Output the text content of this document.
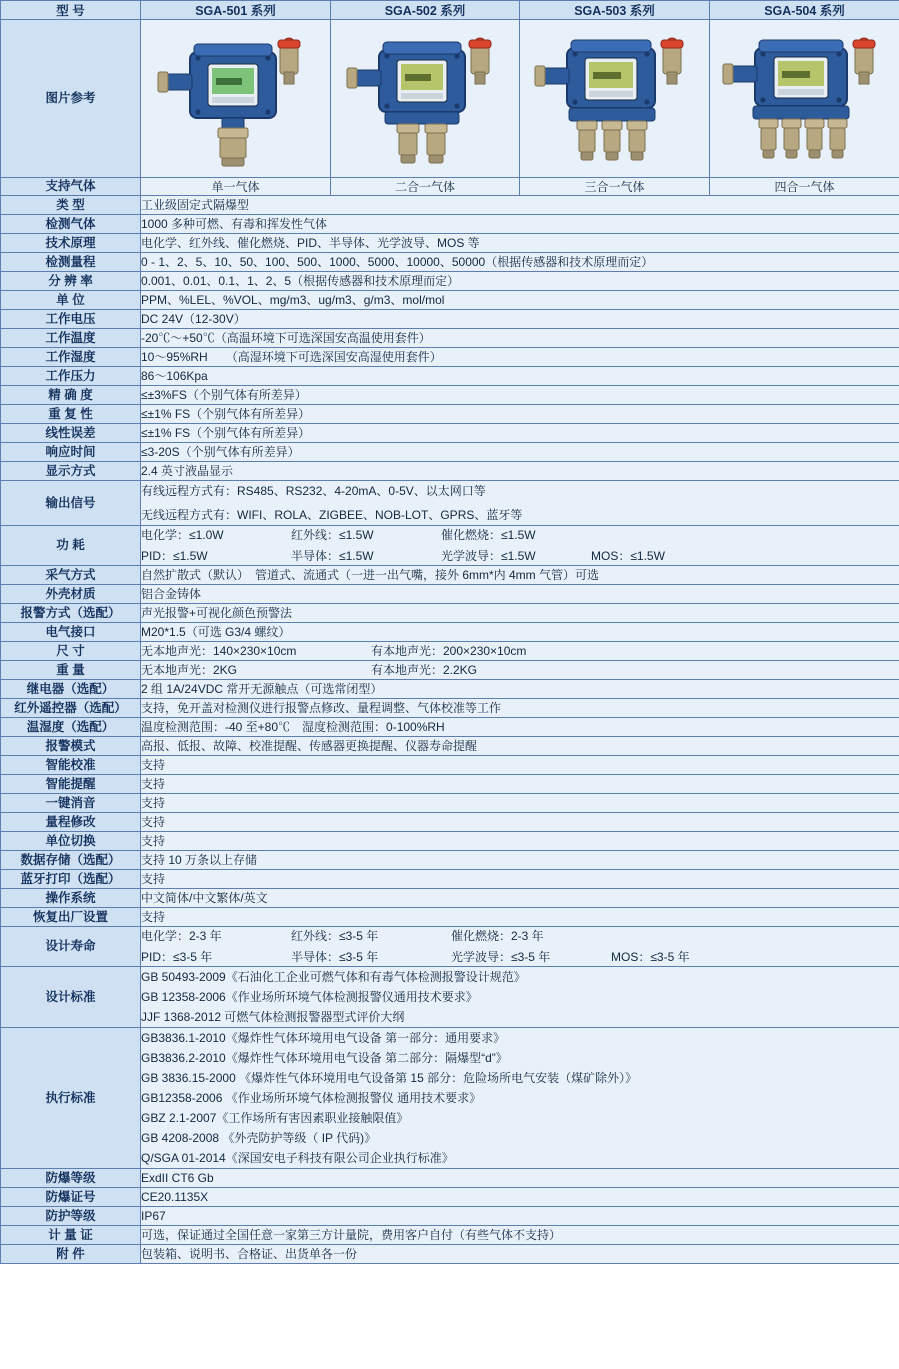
型 号	SGA-501 系列	SGA-502 系列	SGA-503 系列	SGA-504 系列
图片参考	

支持气体	单一气体	二合一气体	三合一气体	四合一气体
类 型	工业级固定式隔爆型			
检测气体	1000 多种可燃、有毒和挥发性气体			
技术原理	电化学、红外线、催化燃烧、PID、半导体、光学波导、MOS 等			
检测量程	0 - 1、2、5、10、50、100、500、1000、5000、10000、50000（根据传感器和技术原理而定）			
分 辨 率	0.001、0.01、0.1、1、2、5（根据传感器和技术原理而定）			
单 位	PPM、%LEL、%VOL、mg/m3、ug/m3、g/m3、mol/mol			
工作电压	DC 24V（12-30V）			
工作温度	-20℃～+50℃（高温环境下可选深国安高温使用套件）			
工作湿度	10～95%RH　　（高湿环境下可选深国安高湿使用套件）			
工作压力	86～106Kpa			
精 确 度	≤±3%FS（个别气体有所差异）			
重 复 性	≤±1% FS（个别气体有所差异）			
线性误差	≤±1% FS（个别气体有所差异）			
响应时间	≤3-20S（个别气体有所差异）			
显示方式	2.4 英寸液晶显示			
输出信号	有线远程方式有：RS485、RS232、4-20mA、0-5V、以太网口等
无线远程方式有：WIFI、ROLA、ZIGBEE、NOB-LOT、GPRS、蓝牙等			

功 耗	
电化学：≤1.0W	红外线：≤1.5W	催化燃烧：≤1.5W
PID：≤1.5W	半导体：≤1.5W	光学波导：≤1.5W	MOS：≤1.5W

采气方式	自然扩散式（默认）　管道式、流通式（一进一出气嘴，接外 6mm*内 4mm 气管）可选			
外壳材质	铝合金铸体			
报警方式（选配）	声光报警+可视化颜色预警法			
电气接口	M20*1.5（可选 G3/4 螺纹）			
尺 寸	无本地声光：140×230×10cm 有本地声光：200×230×10cm			

重 量	无本地声光：2KG 有本地声光：2.2KG			

继电器（选配）	2 组 1A/24VDC 常开无源触点（可选常闭型）			
红外遥控器（选配）	支持，免开盖对检测仪进行报警点修改、量程调整、气体校准等工作			
温湿度（选配）	温度检测范围：-40 至+80℃　湿度检测范围：0-100%RH			
报警模式	高报、低报、故障、校准提醒、传感器更换提醒、仪器寿命提醒			
智能校准	支持			
智能提醒	支持			
一键消音	支持			
量程修改	支持			
单位切换	支持			
数据存储（选配）	支持 10 万条以上存储			
蓝牙打印（选配）	支持			
操作系统	中文简体/中文繁体/英文			
恢复出厂设置	支持			
设计寿命	
电化学：2-3 年	红外线：≤3-5 年	催化燃烧：2-3 年
PID：≤3-5 年	半导体：≤3-5 年	光学波导：≤3-5 年	MOS：≤3-5 年

设计标准	GB 50493-2009《石油化工企业可燃气体和有毒气体检测报警设计规范》
GB 12358-2006《作业场所环境气体检测报警仪通用技术要求》
JJF 1368-2012 可燃气体检测报警器型式评价大纲			

执行标准	
GB3836.1-2010《爆炸性气体环境用电气设备 第一部分：通用要求》
GB3836.2-2010《爆炸性气体环境用电气设备 第二部分：隔爆型“d”》
GB 3836.15-2000 《爆炸性气体环境用电气设备第 15 部分：危险场所电气安装（煤矿除外）》
GB12358-2006 《作业场所环境气体检测报警仪 通用技术要求》
GBZ 2.1-2007《工作场所有害因素职业接触限值》
GB 4208-2008 《外壳防护等级（ IP 代码)》
Q/SGA 01-2014《深国安电子科技有限公司企业执行标准》

防爆等级	ExdII CT6 Gb			
防爆证号	CE20.1135X			
防护等级	IP67			
计 量 证	可选，保证通过全国任意一家第三方计量院，费用客户自付（有些气体不支持）			
附 件	包装箱、说明书、合格证、出货单各一份			
